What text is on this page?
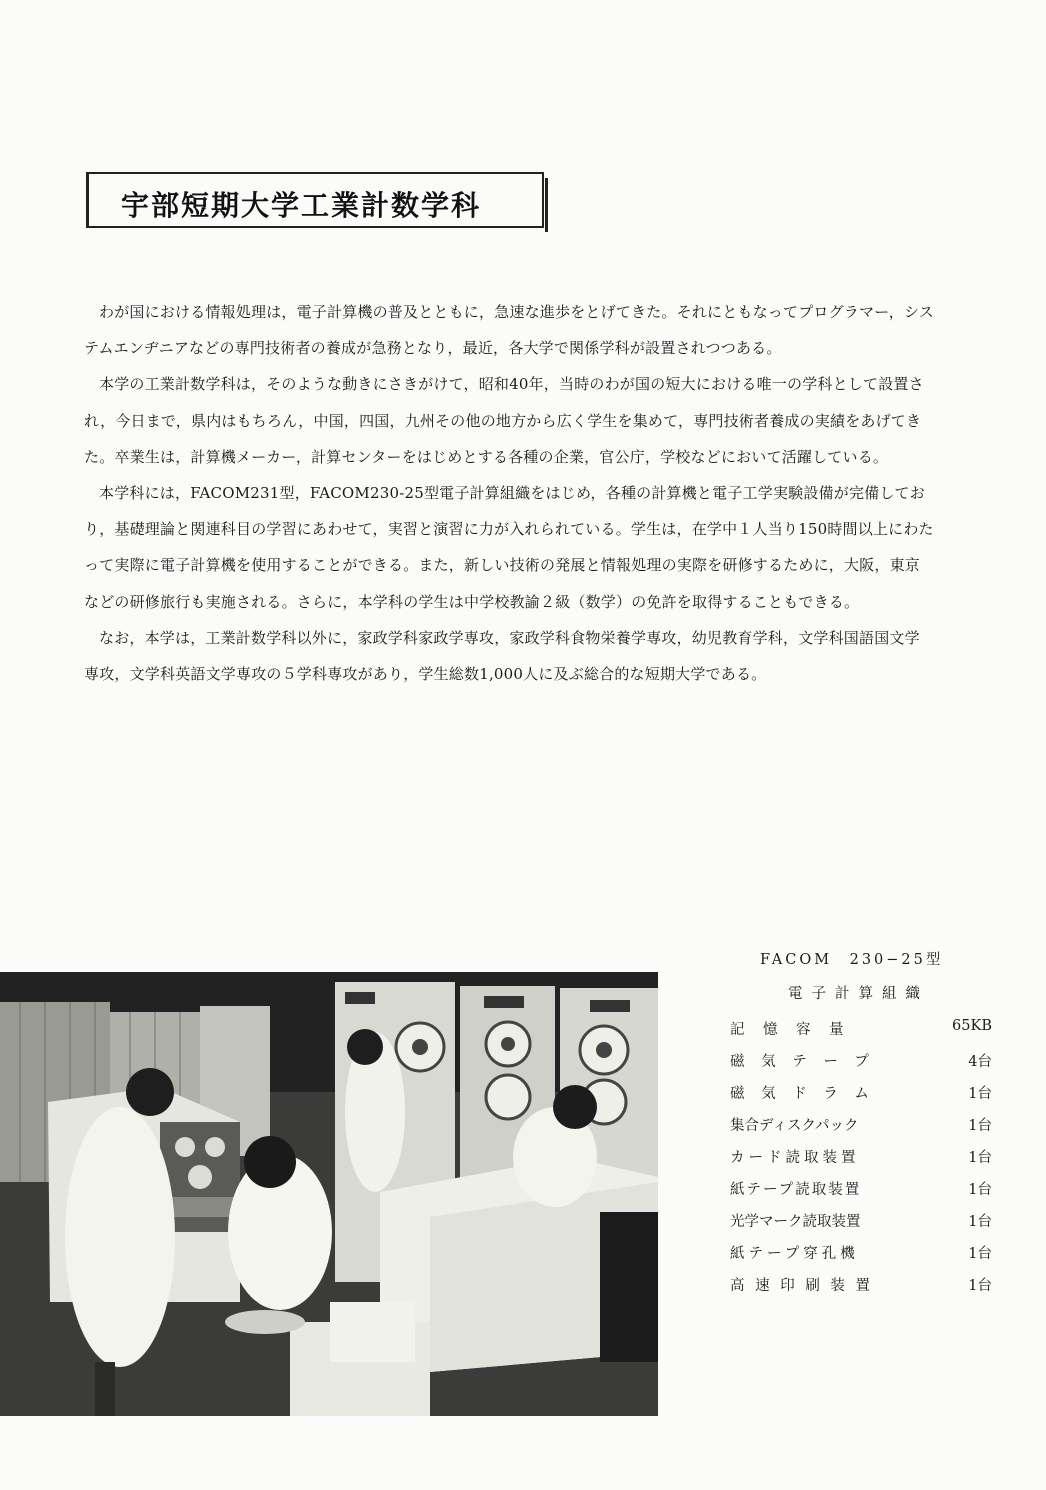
宇部短期大学工業計数学科

わが国における情報処理は，電子計算機の普及とともに，急速な進歩をとげてきた。それにともなってプログラマー，システムエンヂニアなどの専門技術者の養成が急務となり，最近，各大学で関係学科が設置されつつある。

本学の工業計数学科は，そのような動きにさきがけて，昭和40年，当時のわが国の短大における唯一の学科として設置され，今日まで，県内はもちろん，中国，四国，九州その他の地方から広く学生を集めて，専門技術者養成の実績をあげてきた。卒業生は，計算機メーカー，計算センターをはじめとする各種の企業，官公庁，学校などにおいて活躍している。

本学科には，FACOM231型，FACOM230-25型電子計算組織をはじめ，各種の計算機と電子工学実験設備が完備しており，基礎理論と関連科目の学習にあわせて，実習と演習に力が入れられている。学生は，在学中１人当り150時間以上にわたって実際に電子計算機を使用することができる。また，新しい技術の発展と情報処理の実際を研修するために，大阪，東京などの研修旅行も実施される。さらに，本学科の学生は中学校教諭２級（数学）の免許を取得することもできる。

なお，本学は，工業計数学科以外に，家政学科家政学専攻，家政学科食物栄養学専攻，幼児教育学科，文学科国語国文学専攻，文学科英語文学専攻の５学科専攻があり，学生総数1,000人に及ぶ総合的な短期大学である。

FACOM　230−25型
電子計算組織
記　憶　容　量	65KB
磁 気 テ ー プ	4台
磁 気 ド ラ ム	1台
集合ディスクパック	1台
カード読取装置	1台
紙テープ読取装置	1台
光学マーク読取装置	1台
紙テープ穿孔機	1台
高 速 印 刷 装 置	1台
